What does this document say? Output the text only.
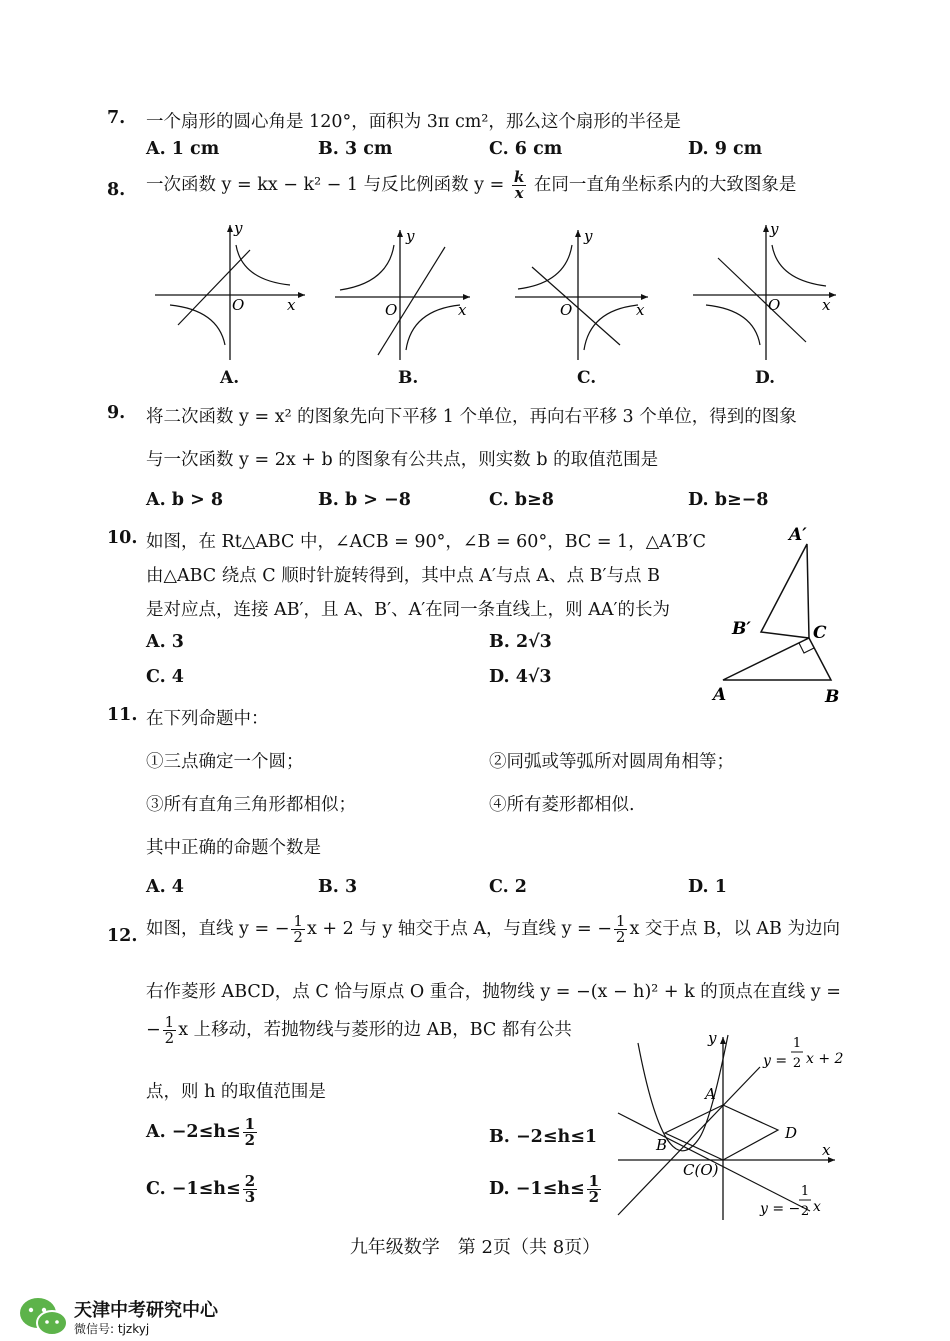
7. 一个扇形的圆心角是 120°，面积为 3π cm²，那么这个扇形的半径是
A. 1 cm	B. 3 cm	C. 6 cm	D. 9 cm
8. 一次函数 y = kx − k² − 1 与反比例函数 $y = \frac{k}{x}$ 在同一直角坐标系内的大致图象是
y
O	x
y
O	x
y
O	x
y
O	x
A.	B.	C.	D.
9. 将二次函数 y = x² 的图象先向下平移 1 个单位，再向右平移 3 个单位，得到的图象
与一次函数 y = 2x + b 的图象有公共点，则实数 b 的取值范围是
A. b > 8	B. b > −8	C. b≥8	D. b≥−8
10. 如图，在 Rt△ABC 中，∠ACB = 90°，∠B = 60°，BC = 1，△A′B′C
由△ABC 绕点 C 顺时针旋转得到，其中点 A′与点 A、点 B′与点 B
是对应点，连接 AB′，且 A、B′、A′在同一条直线上，则 AA′的长为
A. 3	B. 2√3
C. 4	D. 4√3
A′
B′	C
A	B
11. 在下列命题中：
①三点确定一个圆；	②同弧或等弧所对圆周角相等；
③所有直角三角形都相似；	④所有菱形都相似.
其中正确的命题个数是
A. 4	B. 3	C. 2	D. 1
12. 如图，直线 y = − $\frac{1}{2}$ x + 2 与 y 轴交于点 A，与直线 y = − $\frac{1}{2}$ x 交于点 B，以 AB 为边向
右作菱形 ABCD，点 C 恰与原点 O 重合，抛物线 y = −(x − h)² + k 的顶点在直线 y =
− $\frac{1}{2}$ x 上移动，若抛物线与菱形的边 AB，BC 都有公共
点，则 h 的取值范围是
A. $-2\le h\le \frac{1}{2}$	B. −2≤h≤1
C. $-1\le h\le \frac{2}{3}$	D. $-1\le h\le \frac{1}{2}$
y
x
A
B
D
C(O)
y =
1
2 x + 2
y = −
1
2 x
九年级数学　第 2页（共 8页）
天津中考研究中心
微信号: tjzkyj
